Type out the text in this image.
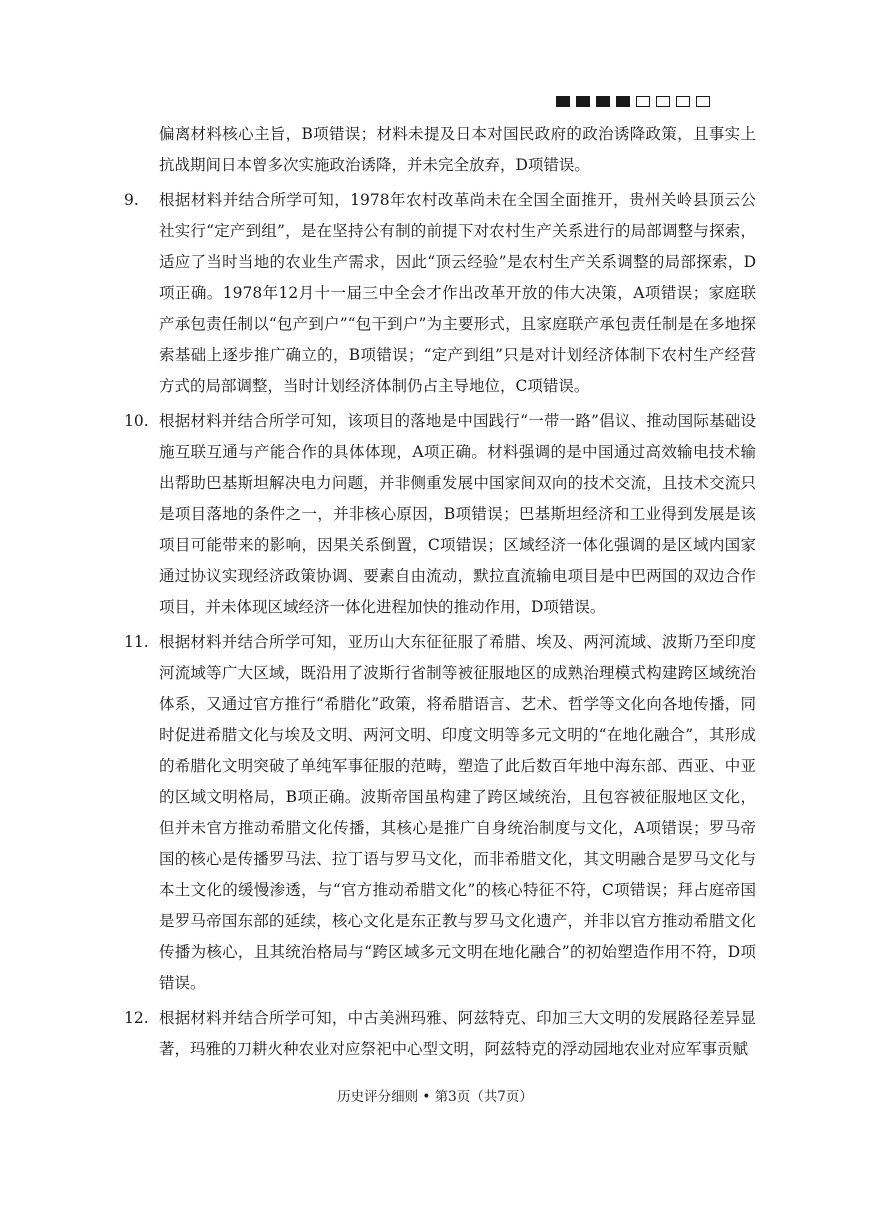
偏离材料核心主旨，B项错误；材料未提及日本对国民政府的政治诱降政策，且事实上抗战期间日本曾多次实施政治诱降，并未完全放弃，D项错误。

9.	根据材料并结合所学可知，1978年农村改革尚未在全国全面推开，贵州关岭县顶云公社实行“定产到组”，是在坚持公有制的前提下对农村生产关系进行的局部调整与探索，适应了当时当地的农业生产需求，因此“顶云经验”是农村生产关系调整的局部探索，D项正确。1978年12月十一届三中全会才作出改革开放的伟大决策，A项错误；家庭联产承包责任制以“包产到户”“包干到户”为主要形式，且家庭联产承包责任制是在多地探索基础上逐步推广确立的，B项错误；“定产到组”只是对计划经济体制下农村生产经营方式的局部调整，当时计划经济体制仍占主导地位，C项错误。
10. 根据材料并结合所学可知，该项目的落地是中国践行“一带一路”倡议、推动国际基础设施互联互通与产能合作的具体体现，A项正确。材料强调的是中国通过高效输电技术输出帮助巴基斯坦解决电力问题，并非侧重发展中国家间双向的技术交流，且技术交流只是项目落地的条件之一，并非核心原因，B项错误；巴基斯坦经济和工业得到发展是该项目可能带来的影响，因果关系倒置，C项错误；区域经济一体化强调的是区域内国家通过协议实现经济政策协调、要素自由流动，默拉直流输电项目是中巴两国的双边合作项目，并未体现区域经济一体化进程加快的推动作用，D项错误。
11. 根据材料并结合所学可知，亚历山大东征征服了希腊、埃及、两河流域、波斯乃至印度河流域等广大区域，既沿用了波斯行省制等被征服地区的成熟治理模式构建跨区域统治体系，又通过官方推行“希腊化”政策，将希腊语言、艺术、哲学等文化向各地传播，同时促进希腊文化与埃及文明、两河文明、印度文明等多元文明的“在地化融合”，其形成的希腊化文明突破了单纯军事征服的范畴，塑造了此后数百年地中海东部、西亚、中亚的区域文明格局，B项正确。波斯帝国虽构建了跨区域统治，且包容被征服地区文化，但并未官方推动希腊文化传播，其核心是推广自身统治制度与文化，A项错误；罗马帝国的核心是传播罗马法、拉丁语与罗马文化，而非希腊文化，其文明融合是罗马文化与本土文化的缓慢渗透，与“官方推动希腊文化”的核心特征不符，C项错误；拜占庭帝国是罗马帝国东部的延续，核心文化是东正教与罗马文化遗产，并非以官方推动希腊文化传播为核心，且其统治格局与“跨区域多元文明在地化融合”的初始塑造作用不符，D项错误。
12. 根据材料并结合所学可知，中古美洲玛雅、阿兹特克、印加三大文明的发展路径差异显著，玛雅的刀耕火种农业对应祭祀中心型文明，阿兹特克的浮动园地农业对应军事贡赋
历史评分细则 • 第3页（共7页）
